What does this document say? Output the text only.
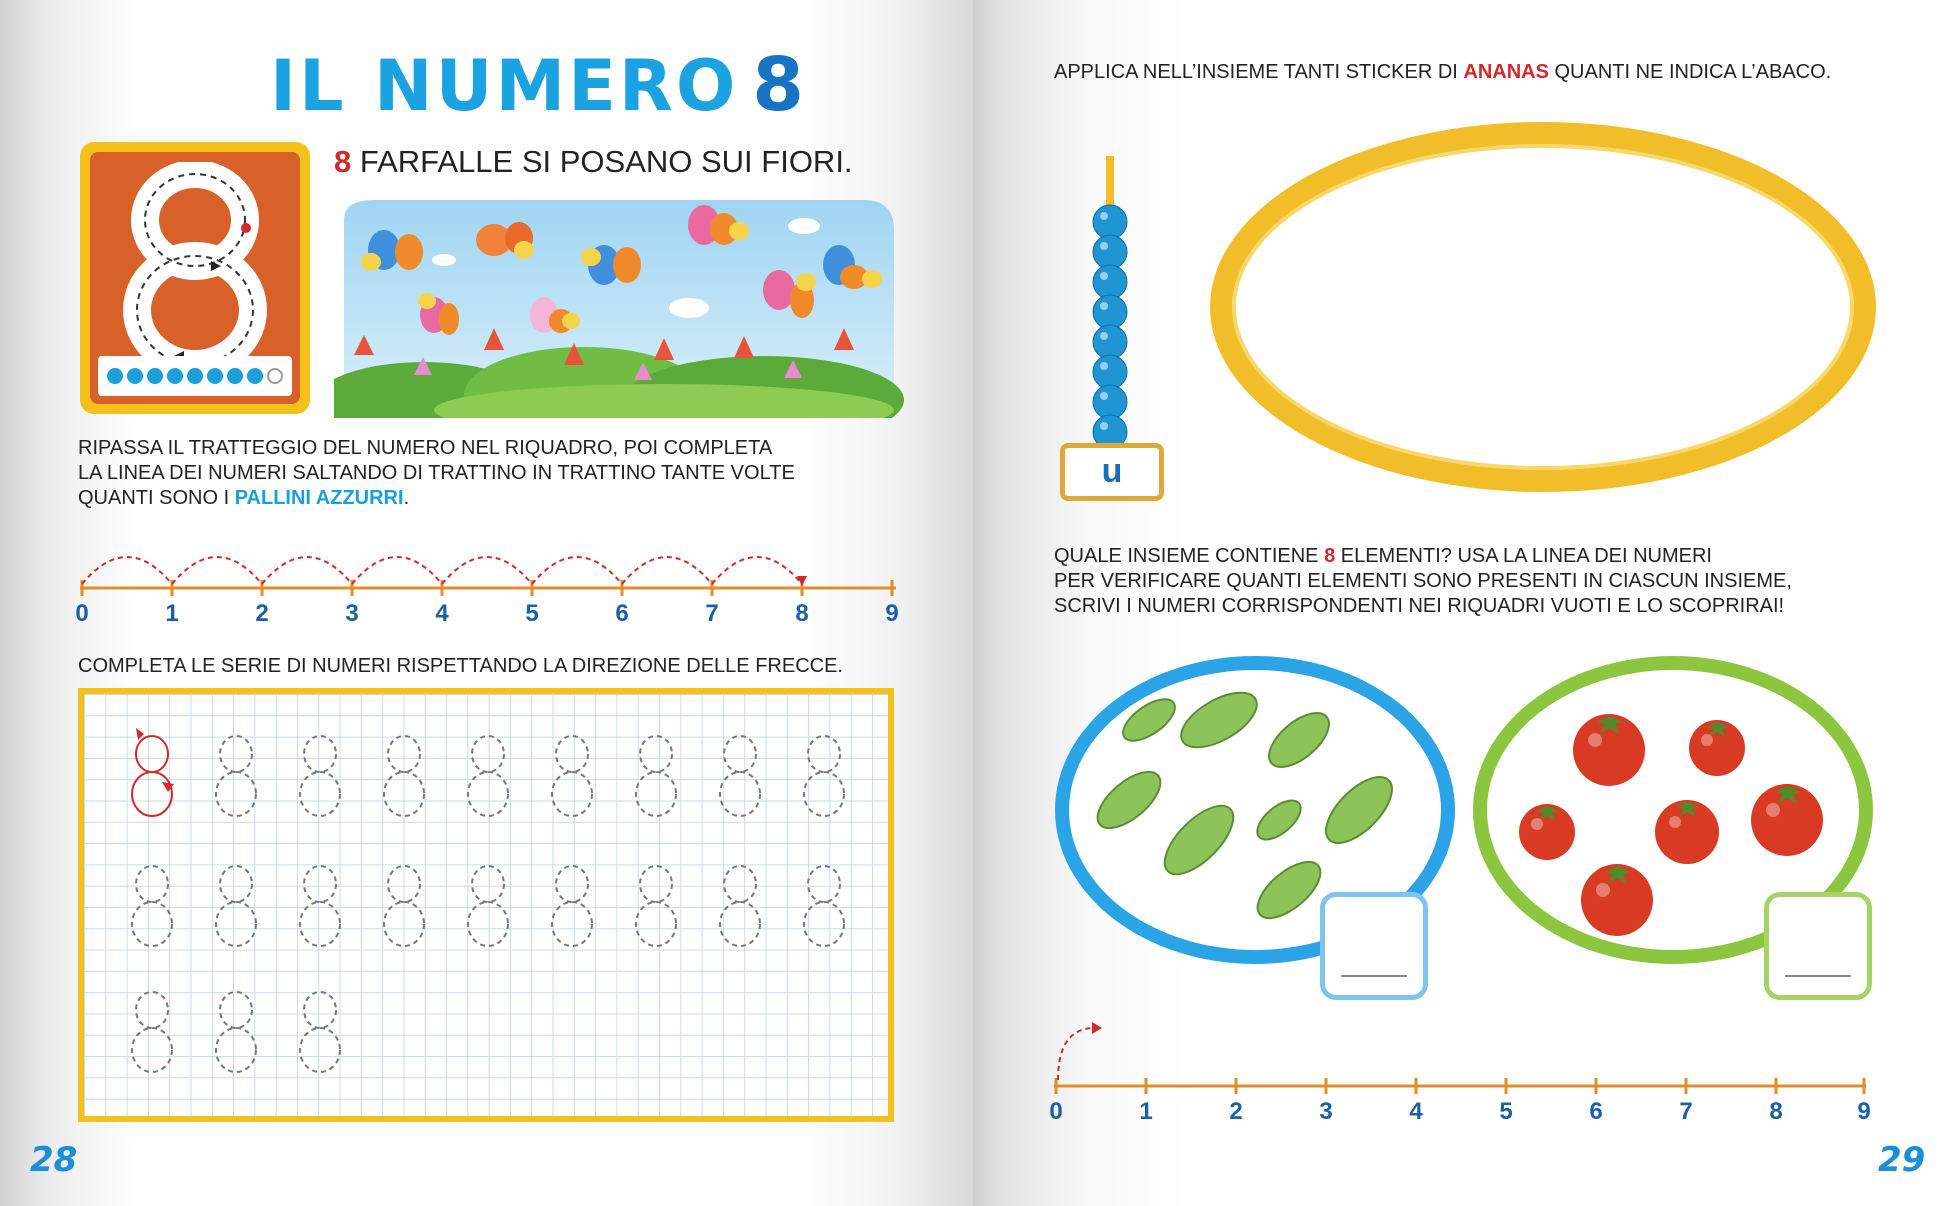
IL NUMERO 8
8 FARFALLE SI POSANO SUI FIORI.
RIPASSA IL TRATTEGGIO DEL NUMERO NEL RIQUADRO, POI COMPLETA
LA LINEA DEI NUMERI SALTANDO DI TRATTINO IN TRATTINO TANTE VOLTE
QUANTI SONO I PALLINI AZZURRI.
0	1	2	3	4	5	6	7	8	9
COMPLETA LE SERIE DI NUMERI RISPETTANDO LA DIREZIONE DELLE FRECCE.
28
APPLICA NELL’INSIEME TANTI STICKER DI ANANAS QUANTI NE INDICA L’ABACO.
u
QUALE INSIEME CONTIENE 8 ELEMENTI? USA LA LINEA DEI NUMERI
PER VERIFICARE QUANTI ELEMENTI SONO PRESENTI IN CIASCUN INSIEME,
SCRIVI I NUMERI CORRISPONDENTI NEI RIQUADRI VUOTI E LO SCOPRIRAI!
0	1	2	3	4	5	6	7	8	9
29
